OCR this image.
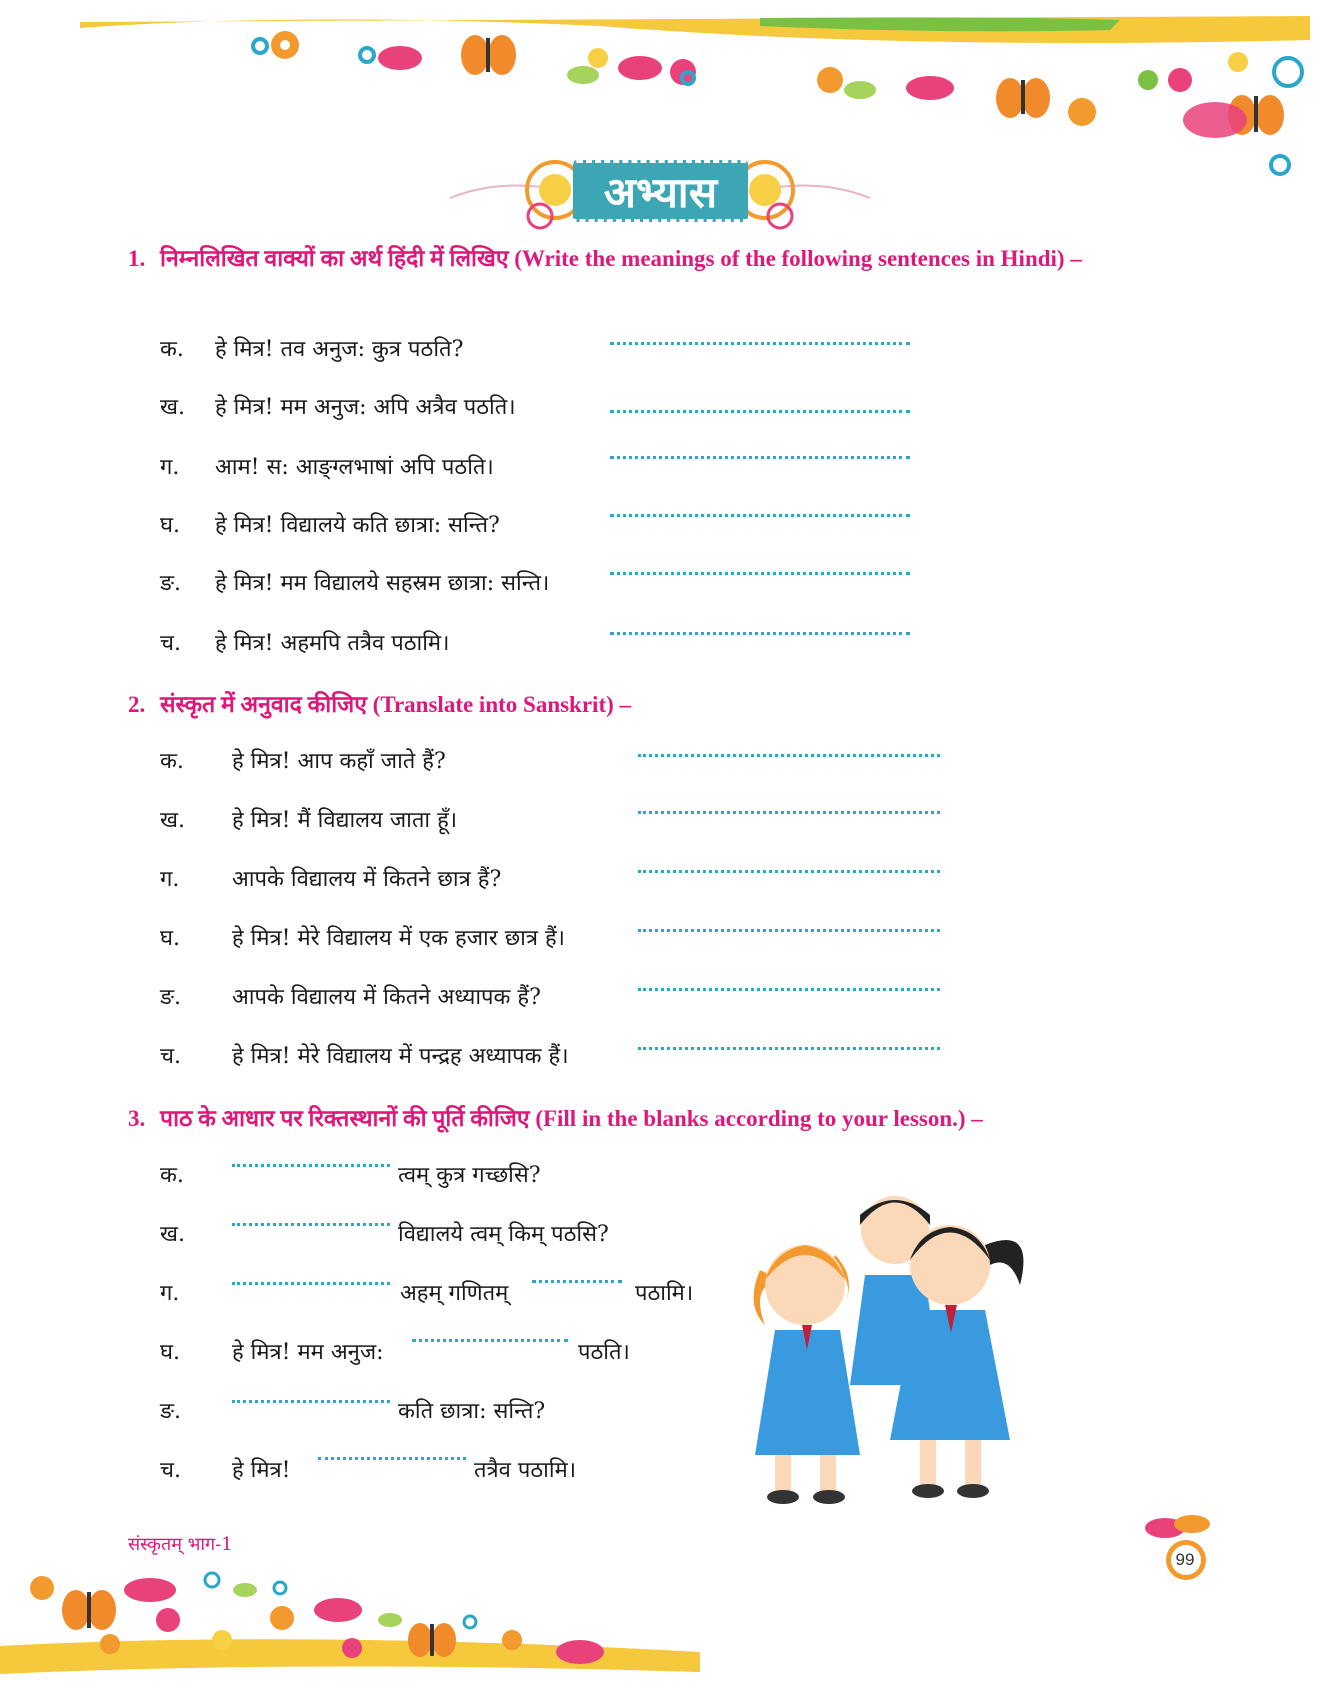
अभ्यास
1. निम्नलिखित वाक्यों का अर्थ हिंदी में लिखिए (Write the meanings of the following sentences in Hindi) –
क. हे मित्र! तव अनुज: कुत्र पठति?
ख. हे मित्र! मम अनुज: अपि अत्रैव पठति।
ग. आम! स: आङ्ग्लभाषां अपि पठति।
घ. हे मित्र! विद्यालये कति छात्रा: सन्ति?
ङ. हे मित्र! मम विद्यालये सहस्रम छात्रा: सन्ति।
च. हे मित्र! अहमपि तत्रैव पठामि।
2. संस्कृत में अनुवाद कीजिए (Translate into Sanskrit) –
क. हे मित्र! आप कहाँ जाते हैं?
ख. हे मित्र! मैं विद्यालय जाता हूँ।
ग. आपके विद्यालय में कितने छात्र हैं?
घ. हे मित्र! मेरे विद्यालय में एक हजार छात्र हैं।
ङ. आपके विद्यालय में कितने अध्यापक हैं?
च. हे मित्र! मेरे विद्यालय में पन्द्रह अध्यापक हैं।
3. पाठ के आधार पर रिक्तस्थानों की पूर्ति कीजिए (Fill in the blanks according to your lesson.) –
क.	त्वम् कुत्र गच्छसि?
ख.	विद्यालये त्वम् किम् पठसि?
ग.	अहम् गणितम्	पठामि।
घ. हे मित्र! मम अनुज:	पठति।
ङ.	कति छात्रा: सन्ति?
च. हे मित्र!	तत्रैव पठामि।
संस्कृतम् भाग-1
99
